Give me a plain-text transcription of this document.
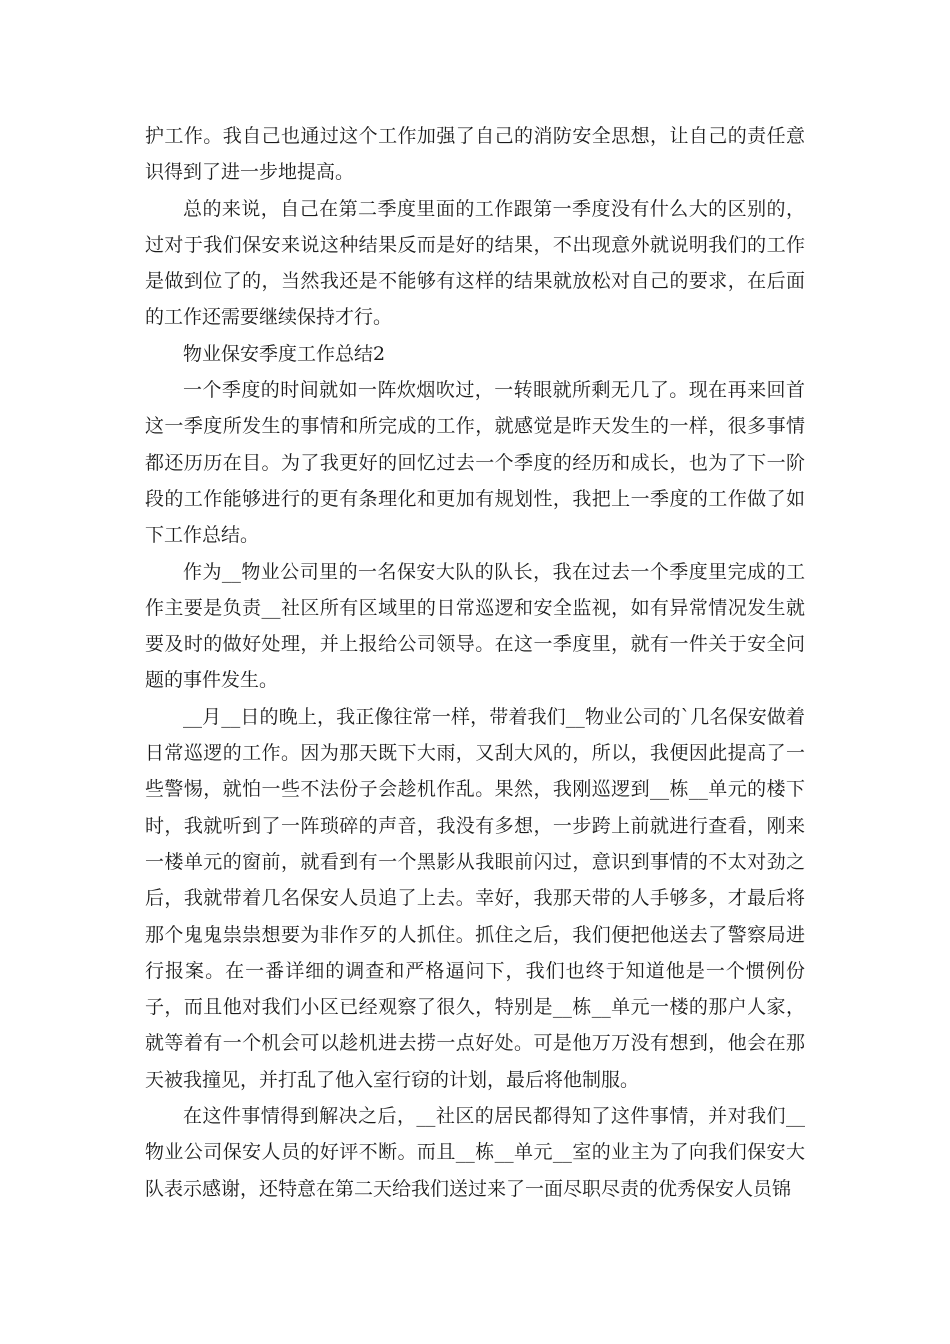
护工作。我自己也通过这个工作加强了自己的消防安全思想，让自己的责任意识得到了进一步地提高。

总的来说，自己在第二季度里面的工作跟第一季度没有什么大的区别的，过对于我们保安来说这种结果反而是好的结果，不出现意外就说明我们的工作是做到位了的，当然我还是不能够有这样的结果就放松对自己的要求，在后面的工作还需要继续保持才行。

物业保安季度工作总结2

一个季度的时间就如一阵炊烟吹过，一转眼就所剩无几了。现在再来回首这一季度所发生的事情和所完成的工作，就感觉是昨天发生的一样，很多事情都还历历在目。为了我更好的回忆过去一个季度的经历和成长，也为了下一阶段的工作能够进行的更有条理化和更加有规划性，我把上一季度的工作做了如下工作总结。

作为__物业公司里的一名保安大队的队长，我在过去一个季度里完成的工作主要是负责__社区所有区域里的日常巡逻和安全监视，如有异常情况发生就要及时的做好处理，并上报给公司领导。在这一季度里，就有一件关于安全问题的事件发生。

__月__日的晚上，我正像往常一样，带着我们__物业公司的`几名保安做着日常巡逻的工作。因为那天既下大雨，又刮大风的，所以，我便因此提高了一些警惕，就怕一些不法份子会趁机作乱。果然，我刚巡逻到__栋__单元的楼下时，我就听到了一阵琐碎的声音，我没有多想，一步跨上前就进行查看，刚来一楼单元的窗前，就看到有一个黑影从我眼前闪过，意识到事情的不太对劲之后，我就带着几名保安人员追了上去。幸好，我那天带的人手够多，才最后将那个鬼鬼祟祟想要为非作歹的人抓住。抓住之后，我们便把他送去了警察局进行报案。在一番详细的调查和严格逼问下，我们也终于知道他是一个惯例份子，而且他对我们小区已经观察了很久，特别是__栋__单元一楼的那户人家，就等着有一个机会可以趁机进去捞一点好处。可是他万万没有想到，他会在那天被我撞见，并打乱了他入室行窃的计划，最后将他制服。

在这件事情得到解决之后，__社区的居民都得知了这件事情，并对我们__物业公司保安人员的好评不断。而且__栋__单元__室的业主为了向我们保安大队表示感谢，还特意在第二天给我们送过来了一面尽职尽责的优秀保安人员锦
